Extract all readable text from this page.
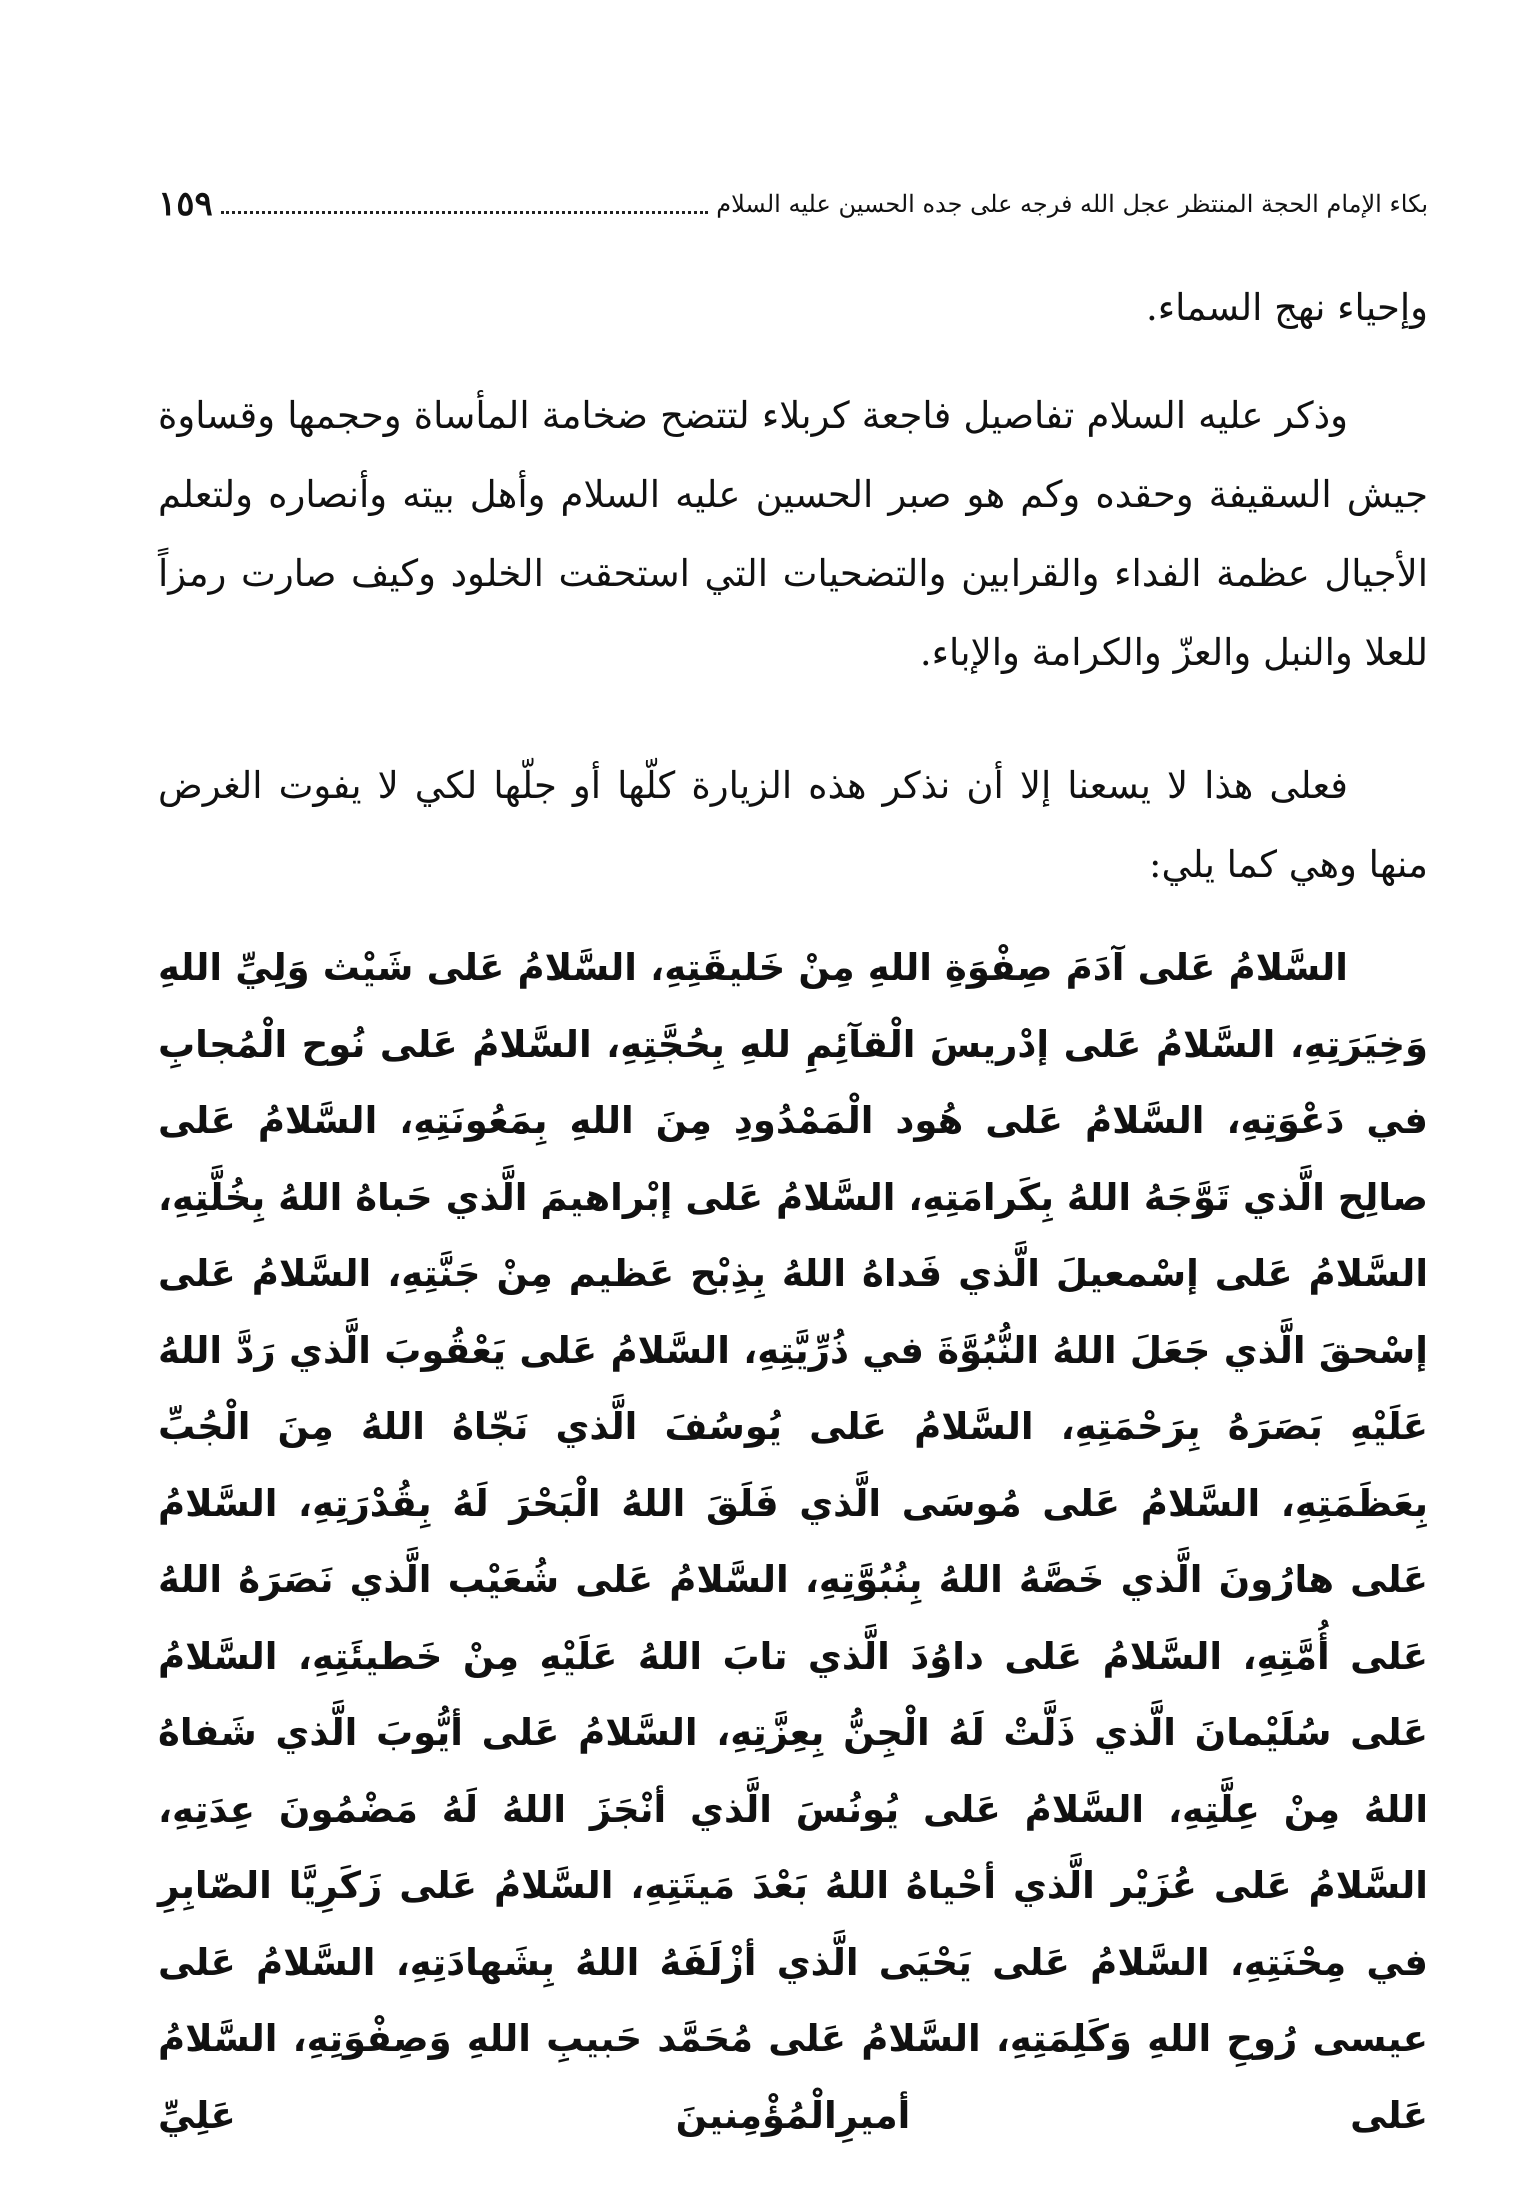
بكاء الإمام الحجة المنتظر عجل الله فرجه على جده الحسين عليه السلام
١٥٩

وإحياء نهج السماء.

وذكر عليه السلام تفاصيل فاجعة كربلاء لتتضح ضخامة المأساة وحجمها وقساوة جيش السقيفة وحقده وكم هو صبر الحسين عليه السلام وأهل بيته وأنصاره ولتعلم الأجيال عظمة الفداء والقرابين والتضحيات التي استحقت الخلود وكيف صارت رمزاً للعلا والنبل والعزّ والكرامة والإباء.

فعلى هذا لا يسعنا إلا أن نذكر هذه الزيارة كلّها أو جلّها لكي لا يفوت الغرض منها وهي كما يلي:

السَّلامُ عَلى آدَمَ صِفْوَةِ اللهِ مِنْ خَليقَتِهِ، السَّلامُ عَلى شَيْث وَلِيِّ اللهِ وَخِيَرَتِهِ، السَّلامُ عَلى إدْريسَ الْقآئِمِ للهِ بِحُجَّتِهِ، السَّلامُ عَلى نُوح الْمُجابِ في دَعْوَتِهِ، السَّلامُ عَلى هُود الْمَمْدُودِ مِنَ اللهِ بِمَعُونَتِهِ، السَّلامُ عَلى صالِح الَّذي تَوَّجَهُ اللهُ بِكَرامَتِهِ، السَّلامُ عَلى إبْراهيمَ الَّذي حَباهُ اللهُ بِخُلَّتِهِ، السَّلامُ عَلى إسْمعيلَ الَّذي فَداهُ اللهُ بِذِبْح عَظيم مِنْ جَنَّتِهِ، السَّلامُ عَلى إسْحقَ الَّذي جَعَلَ اللهُ النُّبُوَّةَ في ذُرِّيَّتِهِ، السَّلامُ عَلى يَعْقُوبَ الَّذي رَدَّ اللهُ عَلَيْهِ بَصَرَهُ بِرَحْمَتِهِ، السَّلامُ عَلى يُوسُفَ الَّذي نَجّاهُ اللهُ مِنَ الْجُبِّ بِعَظَمَتِهِ، السَّلامُ عَلى مُوسَى الَّذي فَلَقَ اللهُ الْبَحْرَ لَهُ بِقُدْرَتِهِ، السَّلامُ عَلى هارُونَ الَّذي خَصَّهُ اللهُ بِنُبُوَّتِهِ، السَّلامُ عَلى شُعَيْب الَّذي نَصَرَهُ اللهُ عَلى أُمَّتِهِ، السَّلامُ عَلى داوُدَ الَّذي تابَ اللهُ عَلَيْهِ مِنْ خَطيئَتِهِ، السَّلامُ عَلى سُلَيْمانَ الَّذي ذَلَّتْ لَهُ الْجِنُّ بِعِزَّتِهِ، السَّلامُ عَلى أيُّوبَ الَّذي شَفاهُ اللهُ مِنْ عِلَّتِهِ، السَّلامُ عَلى يُونُسَ الَّذي أنْجَزَ اللهُ لَهُ مَضْمُونَ عِدَتِهِ، السَّلامُ عَلى عُزَيْر الَّذي أحْياهُ اللهُ بَعْدَ مَيتَتِهِ، السَّلامُ عَلى زَكَرِيَّا الصّابِرِ في مِحْنَتِهِ، السَّلامُ عَلى يَحْيَى الَّذي أزْلَفَهُ اللهُ بِشَهادَتِهِ، السَّلامُ عَلى عيسى رُوحِ اللهِ وَكَلِمَتِهِ، السَّلامُ عَلى مُحَمَّد حَبيبِ اللهِ وَصِفْوَتِهِ، السَّلامُ عَلى أميرِالْمُؤْمِنينَ عَلِيِّ
